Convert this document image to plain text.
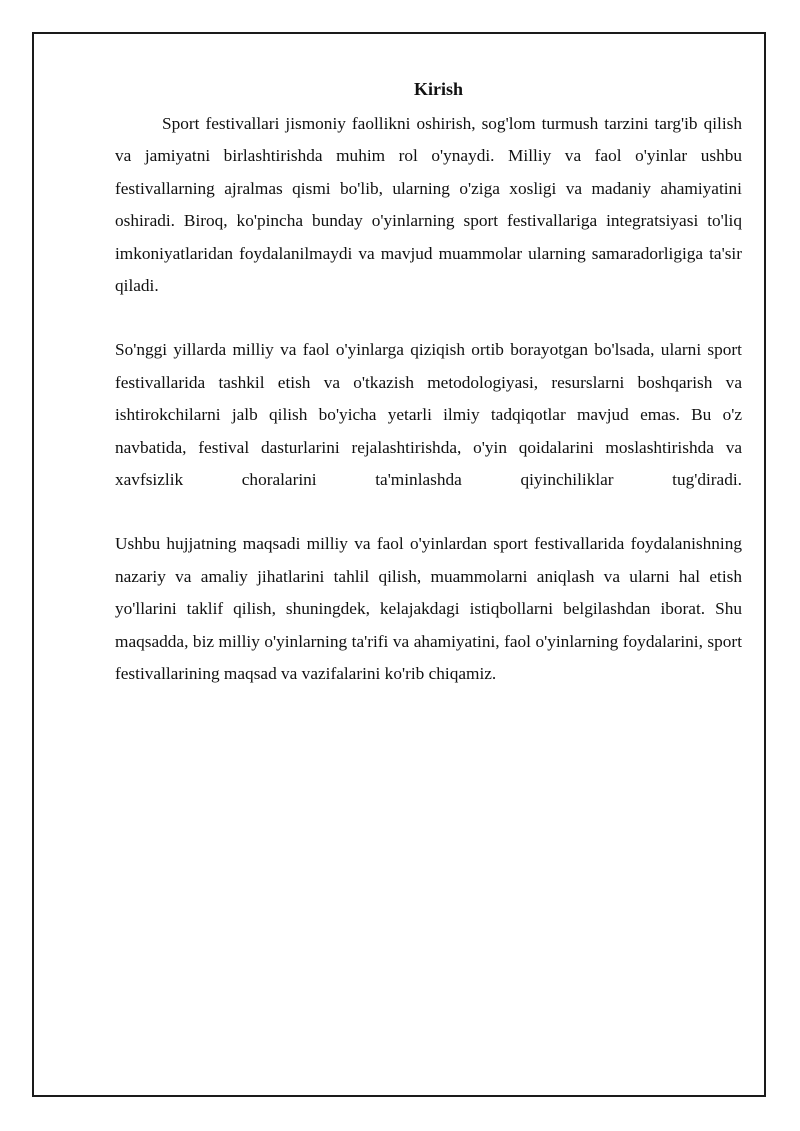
Kirish

Sport festivallari jismoniy faollikni oshirish, sog'lom turmush tarzini targ'ib qilish va jamiyatni birlashtirishda muhim rol o'ynaydi. Milliy va faol o'yinlar ushbu festivallarning ajralmas qismi bo'lib, ularning o'ziga xosligi va madaniy ahamiyatini oshiradi. Biroq, ko'pincha bunday o'yinlarning sport festivallariga integratsiyasi to'liq imkoniyatlaridan foydalanilmaydi va mavjud muammolar ularning samaradorligiga ta'sir qiladi.

So'nggi yillarda milliy va faol o'yinlarga qiziqish ortib borayotgan bo'lsada, ularni sport festivallarida tashkil etish va o'tkazish metodologiyasi, resurslarni boshqarish va ishtirokchilarni jalb qilish bo'yicha yetarli ilmiy tadqiqotlar mavjud emas. Bu o'z navbatida, festival dasturlarini rejalashtirishda, o'yin qoidalarini moslashtirishda va xavfsizlik choralarini ta'minlashda qiyinchiliklar tug'diradi.

Ushbu hujjatning maqsadi milliy va faol o'yinlardan sport festivallarida foydalanishning nazariy va amaliy jihatlarini tahlil qilish, muammolarni aniqlash va ularni hal etish yo'llarini taklif qilish, shuningdek, kelajakdagi istiqbollarni belgilashdan iborat. Shu maqsadda, biz milliy o'yinlarning ta'rifi va ahamiyatini, faol o'yinlarning foydalarini, sport festivallarining maqsad va vazifalarini ko'rib chiqamiz.
